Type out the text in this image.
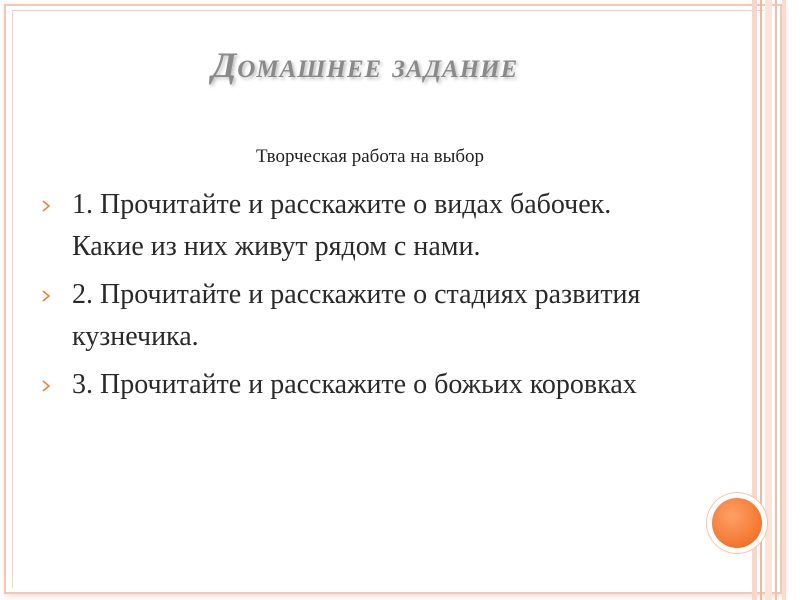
Домашнее задание
Творческая работа на выбор
1. Прочитайте и расскажите о видах бабочек. Какие из них живут рядом с нами.
2. Прочитайте и расскажите о стадиях развития кузнечика.
3. Прочитайте и расскажите о божьих коровках
